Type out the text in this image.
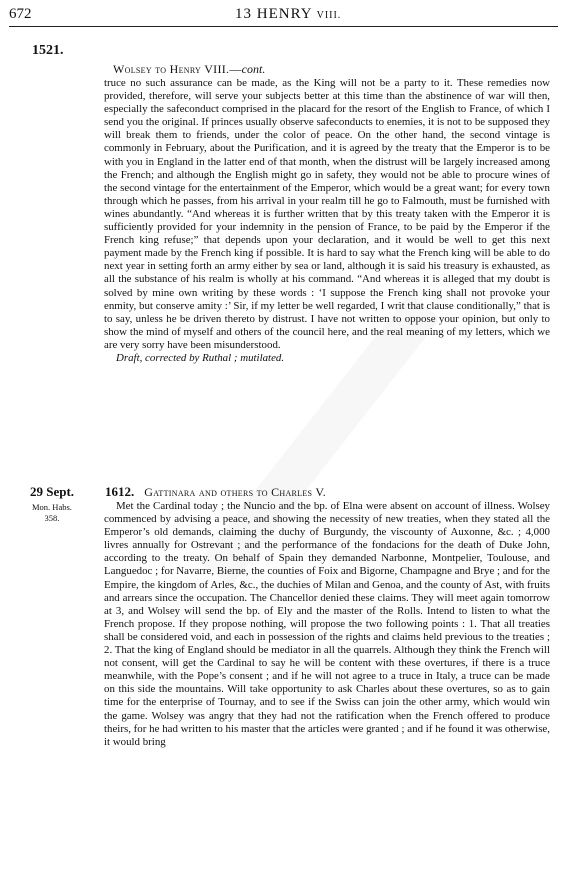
​
672	13 HENRY VIII.
1521.
Wolsey to Henry VIII.—cont.

truce no such assurance can be made, as the King will not be a party to it. These remedies now provided, therefore, will serve your subjects better at this time than the abstinence of war will then, especially the safeconduct comprised in the placard for the resort of the English to France, of which I send you the original. If princes usually observe safeconducts to enemies, it is not to be supposed they will break them to friends, under the color of peace. On the other hand, the second vintage is commonly in February, about the Purification, and it is agreed by the treaty that the Emperor is to be with you in England in the latter end of that month, when the distrust will be largely increased among the French; and although the English might go in safety, they would not be able to procure wines of the second vintage for the entertainment of the Emperor, which would be a great want; for every town through which he passes, from his arrival in your realm till he go to Falmouth, must be furnished with wines abundantly. “And whereas it is further written that by this treaty taken with the Emperor it is sufficiently provided for your indemnity in the pension of France, to be paid by the Emperor if the French king refuse;” that depends upon your declaration, and it would be well to get this next payment made by the French king if possible. It is hard to say what the French king will be able to do next year in setting forth an army either by sea or land, although it is said his treasury is exhausted, as all the substance of his realm is wholly at his command. “And whereas it is alleged that my doubt is solved by mine own writing by these words : ‘I suppose the French king shall not provoke your enmity, but conserve amity :’ Sir, if my letter be well regarded, I writ that clause conditionally,” that is to say, unless he be driven thereto by distrust. I have not written to oppose your opinion, but only to show the mind of myself and others of the council here, and the real meaning of my letters, which we are very sorry have been misunderstood.

Draft, corrected by Ruthal ; mutilated.

29 Sept.
Mon. Habs.
358.
1612. Gattinara and others to Charles V.

Met the Cardinal today ; the Nuncio and the bp. of Elna were absent on account of illness. Wolsey commenced by advising a peace, and showing the necessity of new treaties, when they stated all the Emperor’s old demands, claiming the duchy of Burgundy, the viscounty of Auxonne, &c. ; 4,000 livres annually for Ostrevant ; and the performance of the fondacions for the death of Duke John, according to the treaty. On behalf of Spain they demanded Narbonne, Montpelier, Toulouse, and Languedoc ; for Navarre, Bierne, the counties of Foix and Bigorne, Champagne and Brye ; and for the Empire, the kingdom of Arles, &c., the duchies of Milan and Genoa, and the county of Ast, with fruits and arrears since the occupation. The Chancellor denied these claims. They will meet again tomorrow at 3, and Wolsey will send the bp. of Ely and the master of the Rolls. Intend to listen to what the French propose. If they propose nothing, will propose the two following points : 1. That all treaties shall be considered void, and each in possession of the rights and claims held previous to the treaties ; 2. That the king of England should be mediator in all the quarrels. Although they think the French will not consent, will get the Cardinal to say he will be content with these overtures, if there is a truce meanwhile, with the Pope’s consent ; and if he will not agree to a truce in Italy, a truce can be made on this side the mountains. Will take opportunity to ask Charles about these overtures, so as to gain time for the enterprise of Tournay, and to see if the Swiss can join the other army, which would win the game. Wolsey was angry that they had not the ratification when the French offered to produce theirs, for he had written to his master that the articles were granted ; and if he found it was otherwise, it would bring
